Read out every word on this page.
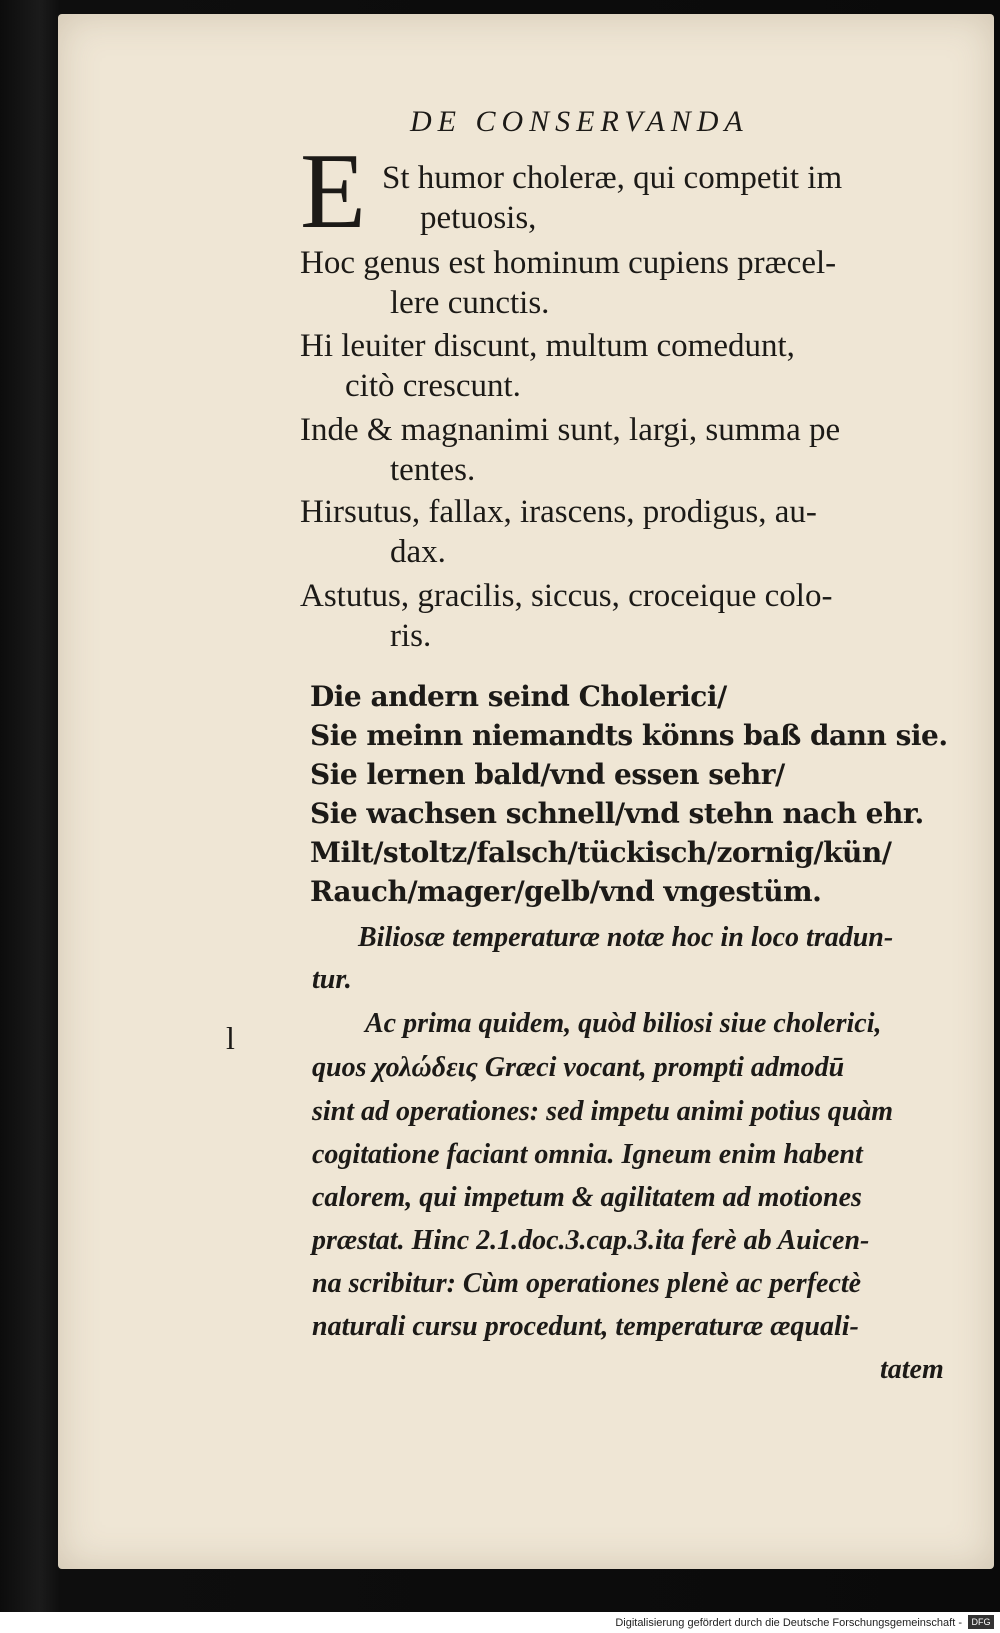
DE CONSERVANDA
E St humor choleræ, qui competit im
petuosis,
Hoc genus est hominum cupiens præcel-
lere cunctis.
Hi leuiter discunt, multum comedunt,
citò crescunt.
Inde & magnanimi sunt, largi, summa pe
tentes.
Hirsutus, fallax, irascens, prodigus, au-
dax.
Astutus, gracilis, siccus, croceique colo-
ris.
Die andern seind Cholerici/
Sie meinn niemandts könns baß dann sie.
Sie lernen bald/vnd essen sehr/
Sie wachsen schnell/vnd stehn nach ehr.
Milt/stoltz/falsch/tückisch/zornig/kün/
Rauch/mager/gelb/vnd vngestüm.
Biliosæ temperaturæ notæ hoc in loco tradun-
tur.
Ac prima quidem, quòd biliosi siue cholerici,
quos χολώδεις Græci vocant, prompti admodū
sint ad operationes: sed impetu animi potius quàm
cogitatione faciant omnia. Igneum enim habent
calorem, qui impetum & agilitatem ad motiones
præstat. Hinc 2.1.doc.3.cap.3.ita ferè ab Auicen-
na scribitur: Cùm operationes plenè ac perfectè
naturali cursu procedunt, temperaturæ æquali-
tatem
l
Digitalisierung gefördert durch die Deutsche Forschungsgemeinschaft -	DFG
